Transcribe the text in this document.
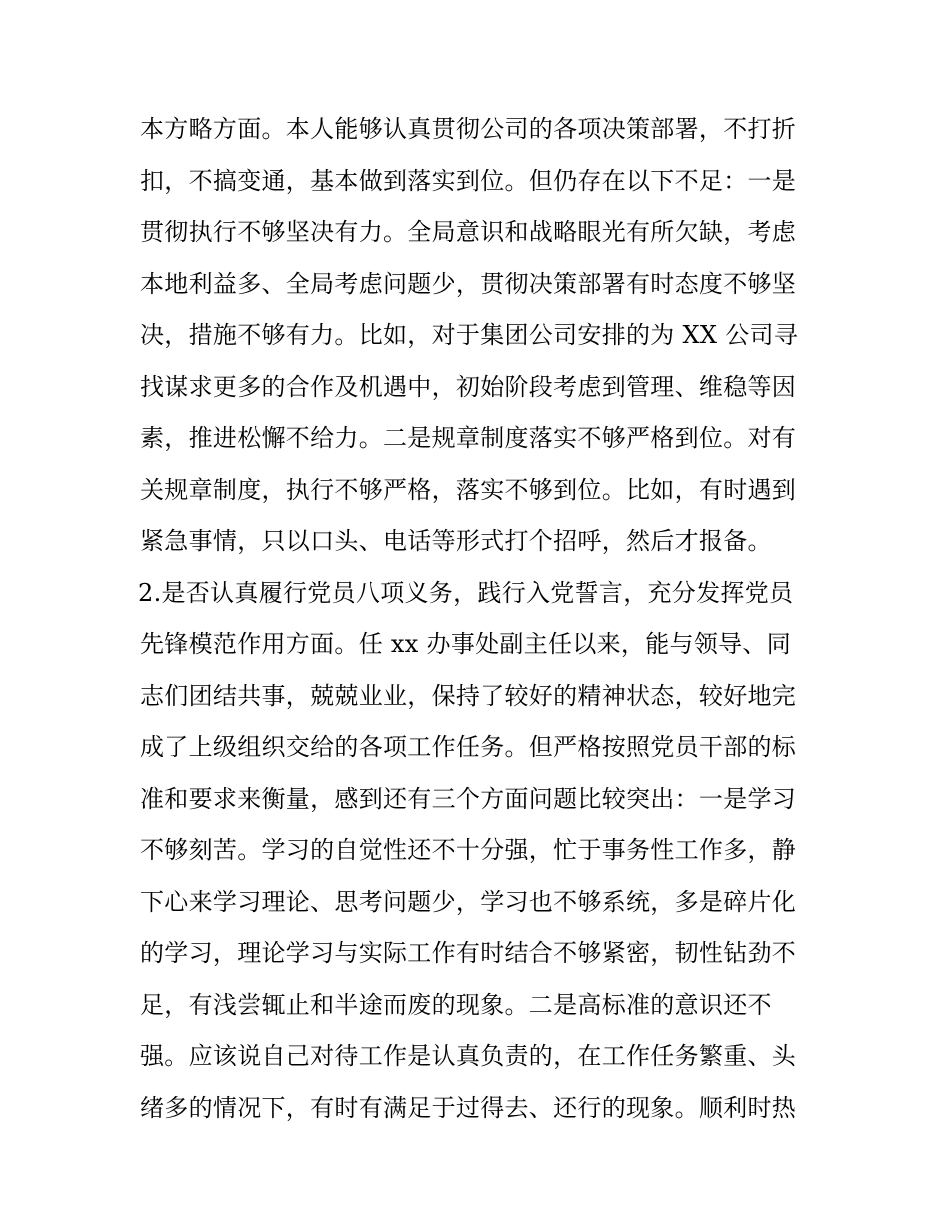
本方略方面。本人能够认真贯彻公司的各项决策部署，不打折
扣，不搞变通，基本做到落实到位。但仍存在以下不足：一是
贯彻执行不够坚决有力。全局意识和战略眼光有所欠缺，考虑
本地利益多、全局考虑问题少，贯彻决策部署有时态度不够坚
决，措施不够有力。比如，对于集团公司安排的为 XX 公司寻
找谋求更多的合作及机遇中，初始阶段考虑到管理、维稳等因
素，推进松懈不给力。二是规章制度落实不够严格到位。对有
关规章制度，执行不够严格，落实不够到位。比如，有时遇到
紧急事情，只以口头、电话等形式打个招呼，然后才报备。
2.是否认真履行党员八项义务，践行入党誓言，充分发挥党员
先锋模范作用方面。任 xx 办事处副主任以来，能与领导、同
志们团结共事，兢兢业业，保持了较好的精神状态，较好地完
成了上级组织交给的各项工作任务。但严格按照党员干部的标
准和要求来衡量，感到还有三个方面问题比较突出：一是学习
不够刻苦。学习的自觉性还不十分强，忙于事务性工作多，静
下心来学习理论、思考问题少，学习也不够系统，多是碎片化
的学习，理论学习与实际工作有时结合不够紧密，韧性钻劲不
足，有浅尝辄止和半途而废的现象。二是高标准的意识还不
强。应该说自己对待工作是认真负责的，在工作任务繁重、头
绪多的情况下，有时有满足于过得去、还行的现象。顺利时热
